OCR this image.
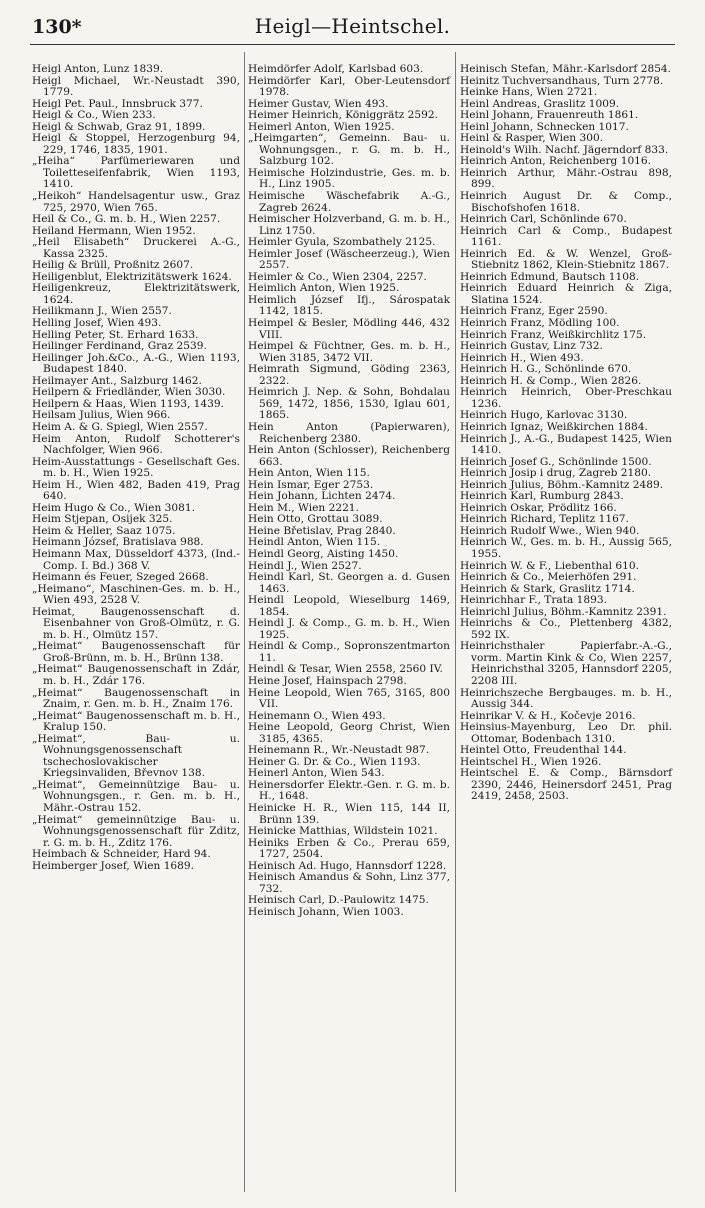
130*	Heigl—Heintschel.

Heigl Anton, Lunz 1839.

Heigl Michael, Wr.-Neustadt 390, 1779.

Heigl Pet. Paul., Innsbruck 377.

Heigl & Co., Wien 233.

Heigl & Schwab, Graz 91, 1899.

Heigl & Stoppel, Herzogenburg 94, 229, 1746, 1835, 1901.

„Heiha“ Parfümeriewaren und Toiletteseifenfabrik, Wien 1193, 1410.

„Heikoh“ Handelsagentur usw., Graz 725, 2970, Wien 765.

Heil & Co., G. m. b. H., Wien 2257.

Heiland Hermann, Wien 1952.

„Heil Elisabeth“ Druckerei A.-G., Kassa 2325.

Heilig & Brüll, Proßnitz 2607.

Heiligenblut, Elektrizitätswerk 1624.

Heiligenkreuz, Elektrizitätswerk, 1624.

Heilikmann J., Wien 2557.

Helling Josef, Wien 493.

Helling Peter, St. Erhard 1633.

Heilinger Ferdinand, Graz 2539.

Heilinger Joh.&Co., A.-G., Wien 1193, Budapest 1840.

Heilmayer Ant., Salzburg 1462.

Heilpern & Friedländer, Wien 3030.

Heilpern & Haas, Wien 1193, 1439.

Heilsam Julius, Wien 966.

Heim A. & G. Spiegl, Wien 2557.

Heim Anton, Rudolf Schotterer's Nachfolger, Wien 966.

Heim-Ausstattungs - Gesellschaft Ges. m. b. H., Wien 1925.

Heim H., Wien 482, Baden 419, Prag 640.

Heim Hugo & Co., Wien 3081.

Heim Stjepan, Osijek 325.

Heim & Heller, Saaz 1075.

Heimann József, Bratislava 988.

Heimann Max, Düsseldorf 4373, (Ind.-Comp. I. Bd.) 368 V.

Heimann és Feuer, Szeged 2668.

„Heimano“, Maschinen-Ges. m. b. H., Wien 493, 2528 V.

Heimat, Baugenossenschaft d. Eisenbahner von Groß-Olmütz, r. G. m. b. H., Olmütz 157.

„Heimat“ Baugenossenschaft für Groß-Brünn, m. b. H., Brünn 138.

„Heimat“ Baugenossenschaft in Zdár, m. b. H., Zdár 176.

„Heimat“ Baugenossenschaft in Znaim, r. Gen. m. b. H., Znaim 176.

„Heimat“ Baugenossenschaft m. b. H., Kralup 150.

„Heimat“, Bau- u. Wohnungsgenossenschaft tschechoslovakischer Kriegsinvaliden, Břevnov 138.

„Heimat“, Gemeinnützige Bau- u. Wohnungsgen., r. Gen. m. b. H., Mähr.-Ostrau 152.

„Heimat“ gemeinnützige Bau- u. Wohnungsgenossenschaft für Zditz, r. G. m. b. H., Zditz 176.

Heimbach & Schneider, Hard 94.

Heimberger Josef, Wien 1689.

Heimdörfer Adolf, Karlsbad 603.

Heimdörfer Karl, Ober-Leutensdorf 1978.

Heimer Gustav, Wien 493.

Heimer Heinrich, Königgrätz 2592.

Heimerl Anton, Wien 1925.

„Heimgarten“, Gemeinn. Bau- u. Wohnungsgen., r. G. m. b. H., Salzburg 102.

Heimische Holzindustrie, Ges. m. b. H., Linz 1905.

Heimische Wäschefabrik A.-G., Zagreb 2624.

Heimischer Holzverband, G. m. b. H., Linz 1750.

Heimler Gyula, Szombathely 2125.

Heimler Josef (Wäscheerzeug.), Wien 2557.

Heimler & Co., Wien 2304, 2257.

Heimlich Anton, Wien 1925.

Heimlich József Ifj., Sárospatak 1142, 1815.

Heimpel & Besler, Mödling 446, 432 VIII.

Heimpel & Füchtner, Ges. m. b. H., Wien 3185, 3472 VII.

Heimrath Sigmund, Göding 2363, 2322.

Heimrich J. Nep. & Sohn, Bohdalau 569, 1472, 1856, 1530, Iglau 601, 1865.

Hein Anton (Papierwaren), Reichenberg 2380.

Hein Anton (Schlosser), Reichenberg 663.

Hein Anton, Wien 115.

Hein Ismar, Eger 2753.

Hein Johann, Lichten 2474.

Hein M., Wien 2221.

Hein Otto, Grottau 3089.

Heine Břetislav, Prag 2840.

Heindl Anton, Wien 115.

Heindl Georg, Aisting 1450.

Heindl J., Wien 2527.

Heindl Karl, St. Georgen a. d. Gusen 1463.

Heindl Leopold, Wieselburg 1469, 1854.

Heindl J. & Comp., G. m. b. H., Wien 1925.

Heindl & Comp., Sopronszentmarton 11.

Heindl & Tesar, Wien 2558, 2560 IV.

Heine Josef, Hainspach 2798.

Heine Leopold, Wien 765, 3165, 800 VII.

Heinemann O., Wien 493.

Heine Leopold, Georg Christ, Wien 3185, 4365.

Heinemann R., Wr.-Neustadt 987.

Heiner G. Dr. & Co., Wien 1193.

Heinerl Anton, Wien 543.

Heinersdorfer Elektr.-Gen. r. G. m. b. H., 1648.

Heinicke H. R., Wien 115, 144 II, Brünn 139.

Heinicke Matthias, Wildstein 1021.

Heiniks Erben & Co., Prerau 659, 1727, 2504.

Heinisch Ad. Hugo, Hannsdorf 1228.

Heinisch Amandus & Sohn, Linz 377, 732.

Heinisch Carl, D.-Paulowitz 1475.

Heinisch Johann, Wien 1003.

Heinisch Stefan, Mähr.-Karlsdorf 2854.

Heinitz Tuchversandhaus, Turn 2778.

Heinke Hans, Wien 2721.

Heinl Andreas, Graslitz 1009.

Heinl Johann, Frauenreuth 1861.

Heinl Johann, Schnecken 1017.

Heinl & Rasper, Wien 300.

Heinold's Wilh. Nachf. Jägerndorf 833.

Heinrich Anton, Reichenberg 1016.

Heinrich Arthur, Mähr.-Ostrau 898, 899.

Heinrich August Dr. & Comp., Bischofshofen 1618.

Heinrich Carl, Schönlinde 670.

Heinrich Carl & Comp., Budapest 1161.

Heinrich Ed. & W. Wenzel, Groß-Stiebnitz 1862, Klein-Stiebnitz 1867.

Heinrich Edmund, Bautsch 1108.

Heinrich Eduard Heinrich & Ziga, Slatina 1524.

Heinrich Franz, Eger 2590.

Heinrich Franz, Mödling 100.

Heinrich Franz, Weißkirchlitz 175.

Heinrich Gustav, Linz 732.

Heinrich H., Wien 493.

Heinrich H. G., Schönlinde 670.

Heinrich H. & Comp., Wien 2826.

Heinrich Heinrich, Ober-Preschkau 1236.

Heinrich Hugo, Karlovac 3130.

Heinrich Ignaz, Weißkirchen 1884.

Heinrich J., A.-G., Budapest 1425, Wien 1410.

Heinrich Josef G., Schönlinde 1500.

Heinrich Josip i drug, Zagreb 2180.

Heinrich Julius, Böhm.-Kamnitz 2489.

Heinrich Karl, Rumburg 2843.

Heinrich Oskar, Prödlitz 166.

Heinrich Richard, Teplitz 1167.

Heinrich Rudolf Wwe., Wien 940.

Heinrich W., Ges. m. b. H., Aussig 565, 1955.

Heinrich W. & F., Liebenthal 610.

Heinrich & Co., Meierhöfen 291.

Heinrich & Stark, Graslitz 1714.

Heinrichhar F., Trata 1893.

Heinrichl Julius, Böhm.-Kamnitz 2391.

Heinrichs & Co., Plettenberg 4382, 592 IX.

Heinrichsthaler Papierfabr.-A.-G., vorm. Martin Kink & Co, Wien 2257, Heinrichsthal 3205, Hannsdorf 2205, 2208 III.

Heinrichszeche Bergbauges. m. b. H., Aussig 344.

Heinrikar V. & H., Kočevje 2016.

Heinsius-Mayenburg, Leo Dr. phil. Ottomar, Bodenbach 1310.

Heintel Otto, Freudenthal 144.

Heintschel H., Wien 1926.

Heintschel E. & Comp., Bärnsdorf 2390, 2446, Heinersdorf 2451, Prag 2419, 2458, 2503.
